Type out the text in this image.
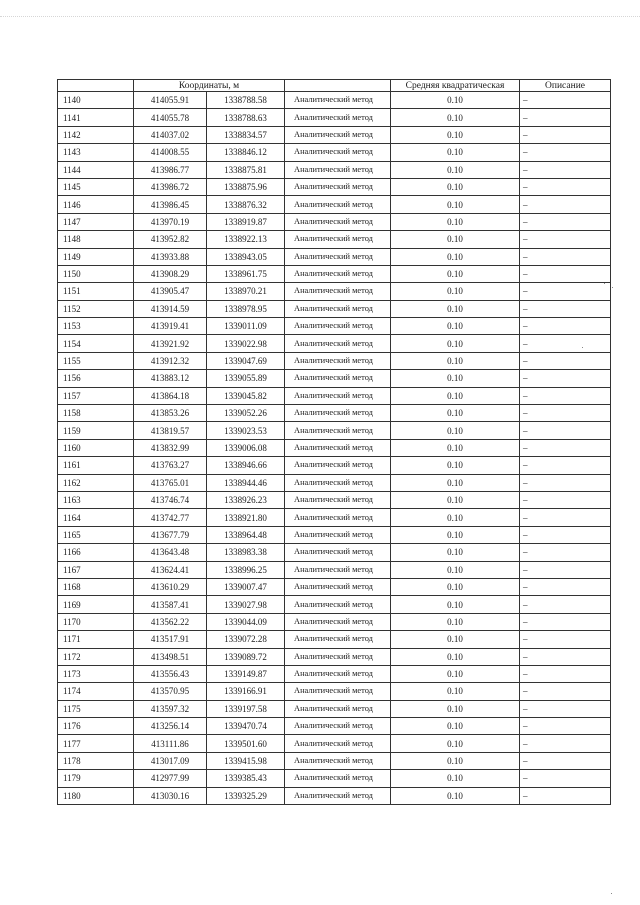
	Координаты, м			Средняя квадратическая	Описание
1140	414055.91	1338788.58	Аналитический метод	0.10	–
1141	414055.78	1338788.63	Аналитический метод	0.10	–
1142	414037.02	1338834.57	Аналитический метод	0.10	–
1143	414008.55	1338846.12	Аналитический метод	0.10	–
1144	413986.77	1338875.81	Аналитический метод	0.10	–
1145	413986.72	1338875.96	Аналитический метод	0.10	–
1146	413986.45	1338876.32	Аналитический метод	0.10	–
1147	413970.19	1338919.87	Аналитический метод	0.10	–
1148	413952.82	1338922.13	Аналитический метод	0.10	–
1149	413933.88	1338943.05	Аналитический метод	0.10	–
1150	413908.29	1338961.75	Аналитический метод	0.10	–
1151	413905.47	1338970.21	Аналитический метод	0.10	–
1152	413914.59	1338978.95	Аналитический метод	0.10	–
1153	413919.41	1339011.09	Аналитический метод	0.10	–
1154	413921.92	1339022.98	Аналитический метод	0.10	–
1155	413912.32	1339047.69	Аналитический метод	0.10	–
1156	413883.12	1339055.89	Аналитический метод	0.10	–
1157	413864.18	1339045.82	Аналитический метод	0.10	–
1158	413853.26	1339052.26	Аналитический метод	0.10	–
1159	413819.57	1339023.53	Аналитический метод	0.10	–
1160	413832.99	1339006.08	Аналитический метод	0.10	–
1161	413763.27	1338946.66	Аналитический метод	0.10	–
1162	413765.01	1338944.46	Аналитический метод	0.10	–
1163	413746.74	1338926.23	Аналитический метод	0.10	–
1164	413742.77	1338921.80	Аналитический метод	0.10	–
1165	413677.79	1338964.48	Аналитический метод	0.10	–
1166	413643.48	1338983.38	Аналитический метод	0.10	–
1167	413624.41	1338996.25	Аналитический метод	0.10	–
1168	413610.29	1339007.47	Аналитический метод	0.10	–
1169	413587.41	1339027.98	Аналитический метод	0.10	–
1170	413562.22	1339044.09	Аналитический метод	0.10	–
1171	413517.91	1339072.28	Аналитический метод	0.10	–
1172	413498.51	1339089.72	Аналитический метод	0.10	–
1173	413556.43	1339149.87	Аналитический метод	0.10	–
1174	413570.95	1339166.91	Аналитический метод	0.10	–
1175	413597.32	1339197.58	Аналитический метод	0.10	–
1176	413256.14	1339470.74	Аналитический метод	0.10	–
1177	413111.86	1339501.60	Аналитический метод	0.10	–
1178	413017.09	1339415.98	Аналитический метод	0.10	–
1179	412977.99	1339385.43	Аналитический метод	0.10	–
1180	413030.16	1339325.29	Аналитический метод	0.10	–
